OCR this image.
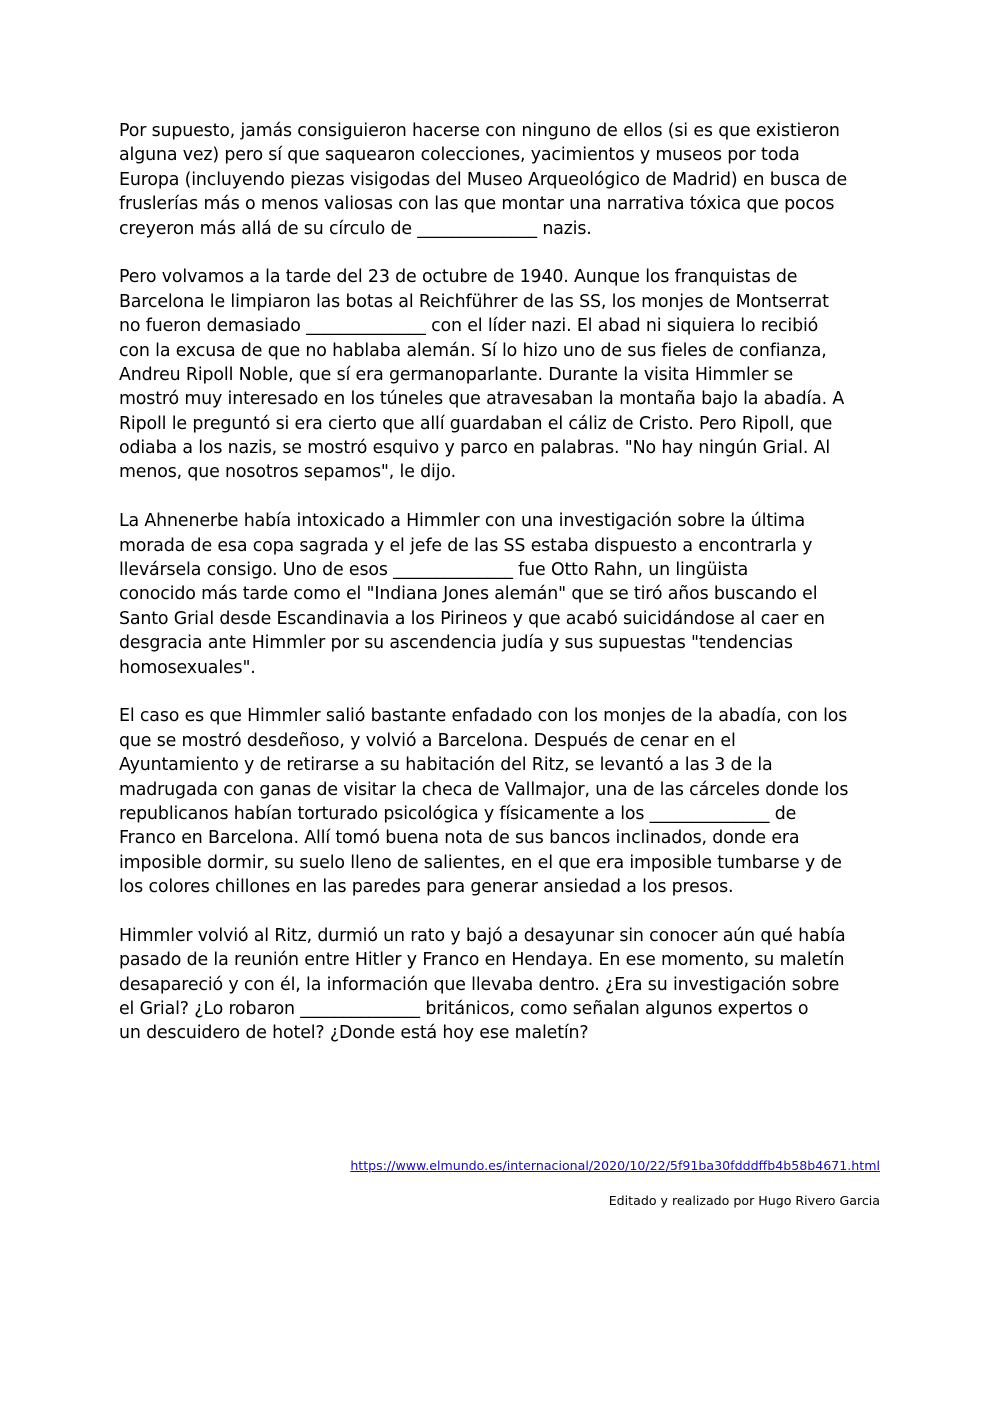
Por supuesto, jamás consiguieron hacerse con ninguno de ellos (si es que existieron
alguna vez) pero sí que saquearon colecciones, yacimientos y museos por toda
Europa (incluyendo piezas visigodas del Museo Arqueológico de Madrid) en busca de
fruslerías más o menos valiosas con las que montar una narrativa tóxica que pocos
creyeron más allá de su círculo de ______________ nazis.
Pero volvamos a la tarde del 23 de octubre de 1940. Aunque los franquistas de
Barcelona le limpiaron las botas al Reichführer de las SS, los monjes de Montserrat
no fueron demasiado ______________ con el líder nazi. El abad ni siquiera lo recibió
con la excusa de que no hablaba alemán. Sí lo hizo uno de sus fieles de confianza,
Andreu Ripoll Noble, que sí era germanoparlante. Durante la visita Himmler se
mostró muy interesado en los túneles que atravesaban la montaña bajo la abadía. A
Ripoll le preguntó si era cierto que allí guardaban el cáliz de Cristo. Pero Ripoll, que
odiaba a los nazis, se mostró esquivo y parco en palabras. "No hay ningún Grial. Al
menos, que nosotros sepamos", le dijo.
La Ahnenerbe había intoxicado a Himmler con una investigación sobre la última
morada de esa copa sagrada y el jefe de las SS estaba dispuesto a encontrarla y
llevársela consigo. Uno de esos ______________ fue Otto Rahn, un lingüista
conocido más tarde como el "Indiana Jones alemán" que se tiró años buscando el
Santo Grial desde Escandinavia a los Pirineos y que acabó suicidándose al caer en
desgracia ante Himmler por su ascendencia judía y sus supuestas "tendencias
homosexuales".
El caso es que Himmler salió bastante enfadado con los monjes de la abadía, con los
que se mostró desdeñoso, y volvió a Barcelona. Después de cenar en el
Ayuntamiento y de retirarse a su habitación del Ritz, se levantó a las 3 de la
madrugada con ganas de visitar la checa de Vallmajor, una de las cárceles donde los
republicanos habían torturado psicológica y físicamente a los ______________ de
Franco en Barcelona. Allí tomó buena nota de sus bancos inclinados, donde era
imposible dormir, su suelo lleno de salientes, en el que era imposible tumbarse y de
los colores chillones en las paredes para generar ansiedad a los presos.
Himmler volvió al Ritz, durmió un rato y bajó a desayunar sin conocer aún qué había
pasado de la reunión entre Hitler y Franco en Hendaya. En ese momento, su maletín
desapareció y con él, la información que llevaba dentro. ¿Era su investigación sobre
el Grial? ¿Lo robaron ______________ británicos, como señalan algunos expertos o
un descuidero de hotel? ¿Donde está hoy ese maletín?
https://www.elmundo.es/internacional/2020/10/22/5f91ba30fdddffb4b58b4671.html
Editado y realizado por Hugo Rivero Garcia
